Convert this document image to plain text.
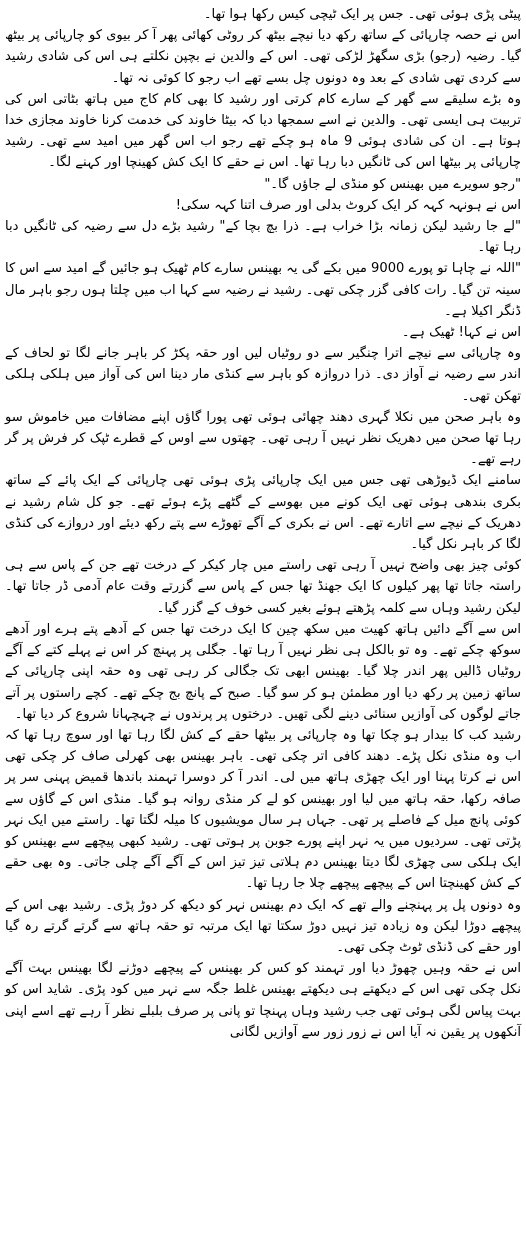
پیٹی پڑی ہوئی تھی۔ جس پر ایک ٹیچی کیس رکھا ہوا تھا۔

اس نے حصہ چارپائی کے ساتھ رکھ دیا نیچے بیٹھ کر روٹی کھائی پھر آ کر بیوی کو چارپائی پر بیٹھ گیا۔ رضیہ (رجو) بڑی سگھڑ لڑکی تھی۔ اس کے والدین نے بچپن نکلتے ہی اس کی شادی رشید سے کردی تھی شادی کے بعد وہ دونوں چل بسے تھے اب رجو کا کوئی نہ تھا۔

وہ بڑے سلیقے سے گھر کے سارے کام کرتی اور رشید کا بھی کام کاج میں ہاتھ بٹاتی اس کی تربیت ہی ایسی تھی۔ والدین نے اسے سمجھا دیا کہ بیٹا خاوند کی خدمت کرنا خاوند مجازی خدا ہوتا ہے۔ ان کی شادی ہوئی 9 ماہ ہو چکے تھے رجو اب اس گھر میں امید سے تھی۔ رشید چارپائی پر بیٹھا اس کی ٹانگیں دبا رہا تھا۔ اس نے حقے کا ایک کش کھینچا اور کہنے لگا۔

"رجو سویرے میں بھینس کو منڈی لے جاؤں گا۔"

اس نے ہونہہ کہہ کر ایک کروٹ بدلی اور صرف اتنا کہہ سکی!

"لے جا رشید لیکن زمانہ بڑا خراب ہے۔ ذرا بچ بچا کے" رشید بڑے دل سے رضیہ کی ٹانگیں دبا رہا تھا۔

"اللہ نے چاہا تو پورے 9000 میں بکے گی یہ بھینس سارے کام ٹھیک ہو جائیں گے امید سے اس کا سینہ تن گیا۔ رات کافی گزر چکی تھی۔ رشید نے رضیہ سے کہا اب میں چلتا ہوں رجو باہر مال ڈنگر اکیلا ہے۔

اس نے کہا! ٹھیک ہے۔

وہ چارپائی سے نیچے اترا چنگیر سے دو روٹیاں لیں اور حقہ پکڑ کر باہر جانے لگا تو لحاف کے اندر سے رضیہ نے آواز دی۔ ذرا دروازہ کو باہر سے کنڈی مار دینا اس کی آواز میں ہلکی ہلکی تھکن تھی۔

وہ باہر صحن میں نکلا گہری دھند چھائی ہوئی تھی پورا گاؤں اپنے مضافات میں خاموش سو رہا تھا صحن میں دھریک نظر نہیں آ رہی تھی۔ چھتوں سے اوس کے قطرے ٹپک کر فرش پر گر رہے تھے۔

سامنے ایک ڈیوڑھی تھی جس میں ایک چارپائی پڑی ہوئی تھی چارپائی کے ایک پائے کے ساتھ بکری بندھی ہوئی تھی ایک کونے میں بھوسے کے گٹھے پڑے ہوئے تھے۔ جو کل شام رشید نے دھریک کے نیچے سے اتارے تھے۔ اس نے بکری کے آگے تھوڑے سے پتے رکھ دیئے اور دروازے کی کنڈی لگا کر باہر نکل گیا۔

کوئی چیز بھی واضح نہیں آ رہی تھی راستے میں چار کیکر کے درخت تھے جن کے پاس سے ہی راستہ جاتا تھا پھر کیلوں کا ایک جھنڈ تھا جس کے پاس سے گزرتے وقت عام آدمی ڈر جاتا تھا۔ لیکن رشید وہاں سے کلمہ پڑھتے ہوئے بغیر کسی خوف کے گزر گیا۔

اس سے آگے دائیں ہاتھ کھیت میں سکھ چین کا ایک درخت تھا جس کے آدھے پتے ہرے اور آدھے سوکھ چکے تھے۔ وہ تو بالکل ہی نظر نہیں آ رہا تھا۔ جگلی پر پہنچ کر اس نے پہلے کتے کے آگے روٹیاں ڈالیں پھر اندر چلا گیا۔ بھینس ابھی تک جگالی کر رہی تھی وہ حقہ اپنی چارپائی کے ساتھ زمین پر رکھ دیا اور مطمئن ہو کر سو گیا۔ صبح کے پانچ بج چکے تھے۔ کچے راستوں پر آتے جاتے لوگوں کی آوازیں سنائی دینے لگی تھیں۔ درختوں پر پرندوں نے چہچہانا شروع کر دیا تھا۔

رشید کب کا بیدار ہو چکا تھا وہ چارپائی پر بیٹھا حقے کے کش لگا رہا تھا اور سوچ رہا تھا کہ اب وہ منڈی نکل پڑے۔ دھند کافی اتر چکی تھی۔ باہر بھینس بھی کھرلی صاف کر چکی تھی اس نے کرتا پہنا اور ایک چھڑی ہاتھ میں لی۔ اندر آ کر دوسرا تہمند باندھا قمیض پہنی سر پر صافہ رکھا، حقہ ہاتھ میں لیا اور بھینس کو لے کر منڈی روانہ ہو گیا۔ منڈی اس کے گاؤں سے کوئی پانچ میل کے فاصلے پر تھی۔ جہاں ہر سال مویشیوں کا میلہ لگتا تھا۔ راستے میں ایک نہر پڑتی تھی۔ سردیوں میں یہ نہر اپنے پورے جوبن پر ہوتی تھی۔ رشید کبھی پیچھے سے بھینس کو ایک ہلکی سی چھڑی لگا دیتا بھینس دم ہلاتی تیز تیز اس کے آگے آگے چلی جاتی۔ وہ بھی حقے کے کش کھینچتا اس کے پیچھے پیچھے چلا جا رہا تھا۔

وہ دونوں پل پر پہنچنے والے تھے کہ ایک دم بھینس نہر کو دیکھ کر دوڑ پڑی۔ رشید بھی اس کے پیچھے دوڑا لیکن وہ زیادہ تیز نہیں دوڑ سکتا تھا ایک مرتبہ تو حقہ ہاتھ سے گرتے گرتے رہ گیا اور حقے کی ڈنڈی ٹوٹ چکی تھی۔

اس نے حقہ وہیں چھوڑ دیا اور تہمند کو کس کر بھینس کے پیچھے دوڑنے لگا بھینس بہت آگے نکل چکی تھی اس کے دیکھتے ہی دیکھتے بھینس غلط جگہ سے نہر میں کود پڑی۔ شاید اس کو بہت پیاس لگی ہوئی تھی جب رشید وہاں پہنچا تو پانی پر صرف بلبلے نظر آ رہے تھے اسے اپنی آنکھوں پر یقین نہ آیا اس نے زور زور سے آوازیں لگانی
